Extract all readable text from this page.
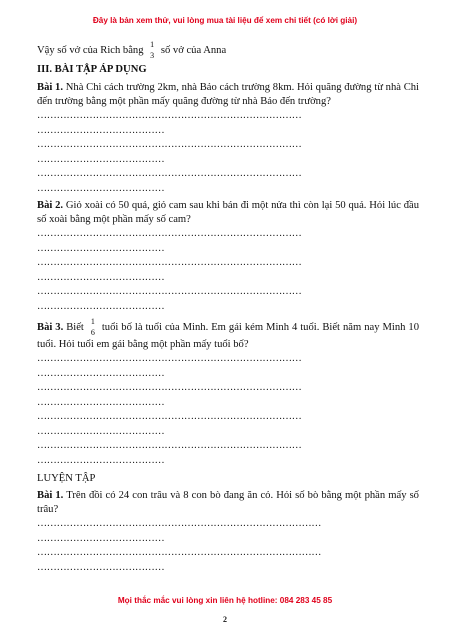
Đây là bản xem thử, vui lòng mua tài liệu để xem chi tiết (có lời giải)
Vậy số vở của Rich bằng
1
3 số vở của Anna
III. BÀI TẬP ÁP DỤNG
Bài 1. Nhà Chi cách trường 2km, nhà Bảo cách trường 8km. Hỏi quãng đường từ nhà Chi đến trường bằng một phần mấy quãng đường từ nhà Bảo đến trường?
………………………………………………………………………
…………………………………
………………………………………………………………………
…………………………………
………………………………………………………………………
…………………………………
Bài 2. Giỏ xoài có 50 quả, giỏ cam sau khi bán đi một nửa thì còn lại 50 quả. Hỏi lúc đầu số xoài bằng một phần mấy số cam?
………………………………………………………………………
…………………………………
………………………………………………………………………
…………………………………
………………………………………………………………………
…………………………………
Bài 3. Biết
1
6 tuổi bố là tuổi của Minh. Em gái kém Minh 4 tuổi. Biết năm nay Minh 10 tuổi. Hỏi tuổi em gái bằng một phần mấy tuổi bố?
………………………………………………………………………
…………………………………
………………………………………………………………………
…………………………………
………………………………………………………………………
…………………………………
………………………………………………………………………
…………………………………
LUYỆN TẬP
Bài 1. Trên đồi có 24 con trâu và 8 con bò đang ăn cỏ. Hỏi số bò bằng một phần mấy số trâu?
……………………………………………………………………………
…………………………………
……………………………………………………………………………
…………………………………
Mọi thắc mắc vui lòng xin liên hệ hotline: 084 283 45 85
2
